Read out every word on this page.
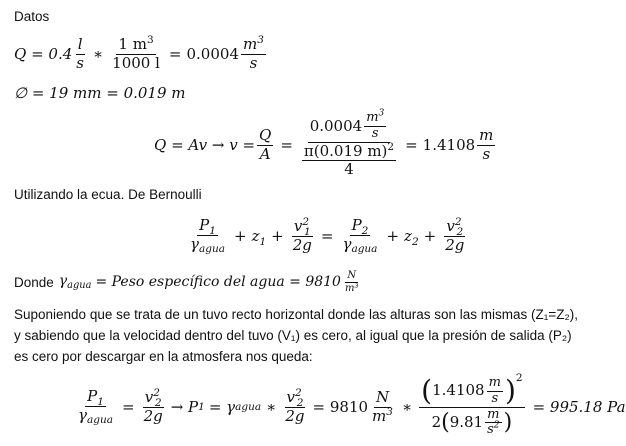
Datos
$Q = 0.4 \frac{l}{s}$ ∗ $\frac{1 m^3}{1000 l} = 0.0004 \frac{m^3}{s}$
∅ = 19 mm = 0.019 m
$Q = Av \to v = \frac{Q}{A} = 0.0004 \frac{m^3}{s}$
π(0.019 m)$^2$
$4 = 1.4108 \frac{m}{s}$
Utilizando la ecua. De Bernoulli
$\frac{P_1}{\gamma_{agua}} + z_1 + \frac{v^2_1}{2g} = \frac{P_2}{\gamma_{agua}} + z_2 + \frac{v^2_2}{2g}$
Donde $\gamma_{agua}$ = Peso específico del agua = $9810 \frac{N}{\text{m³}}$
Suponiendo que se trata de un tuvo recto horizontal donde las alturas son las mismas (Z₁=Z₂), y sabiendo que la velocidad dentro del tuvo (V₁) es cero, al igual que la presión de salida (P₂) es cero por descargar en la atmosfera nos queda:
$\frac{P_1}{\gamma_{agua}} = \frac{v^2_2}{2g} \to P$ 1 = γ agua ∗ $\frac{v^2_2}{2g} = 9810 \frac{N}{m^3}$ ∗ ( $1.4108 \frac{m}{s}$ ) 2
2 ( $9.81 \frac{m}{s^2}$ )
= 995.18 Pa
